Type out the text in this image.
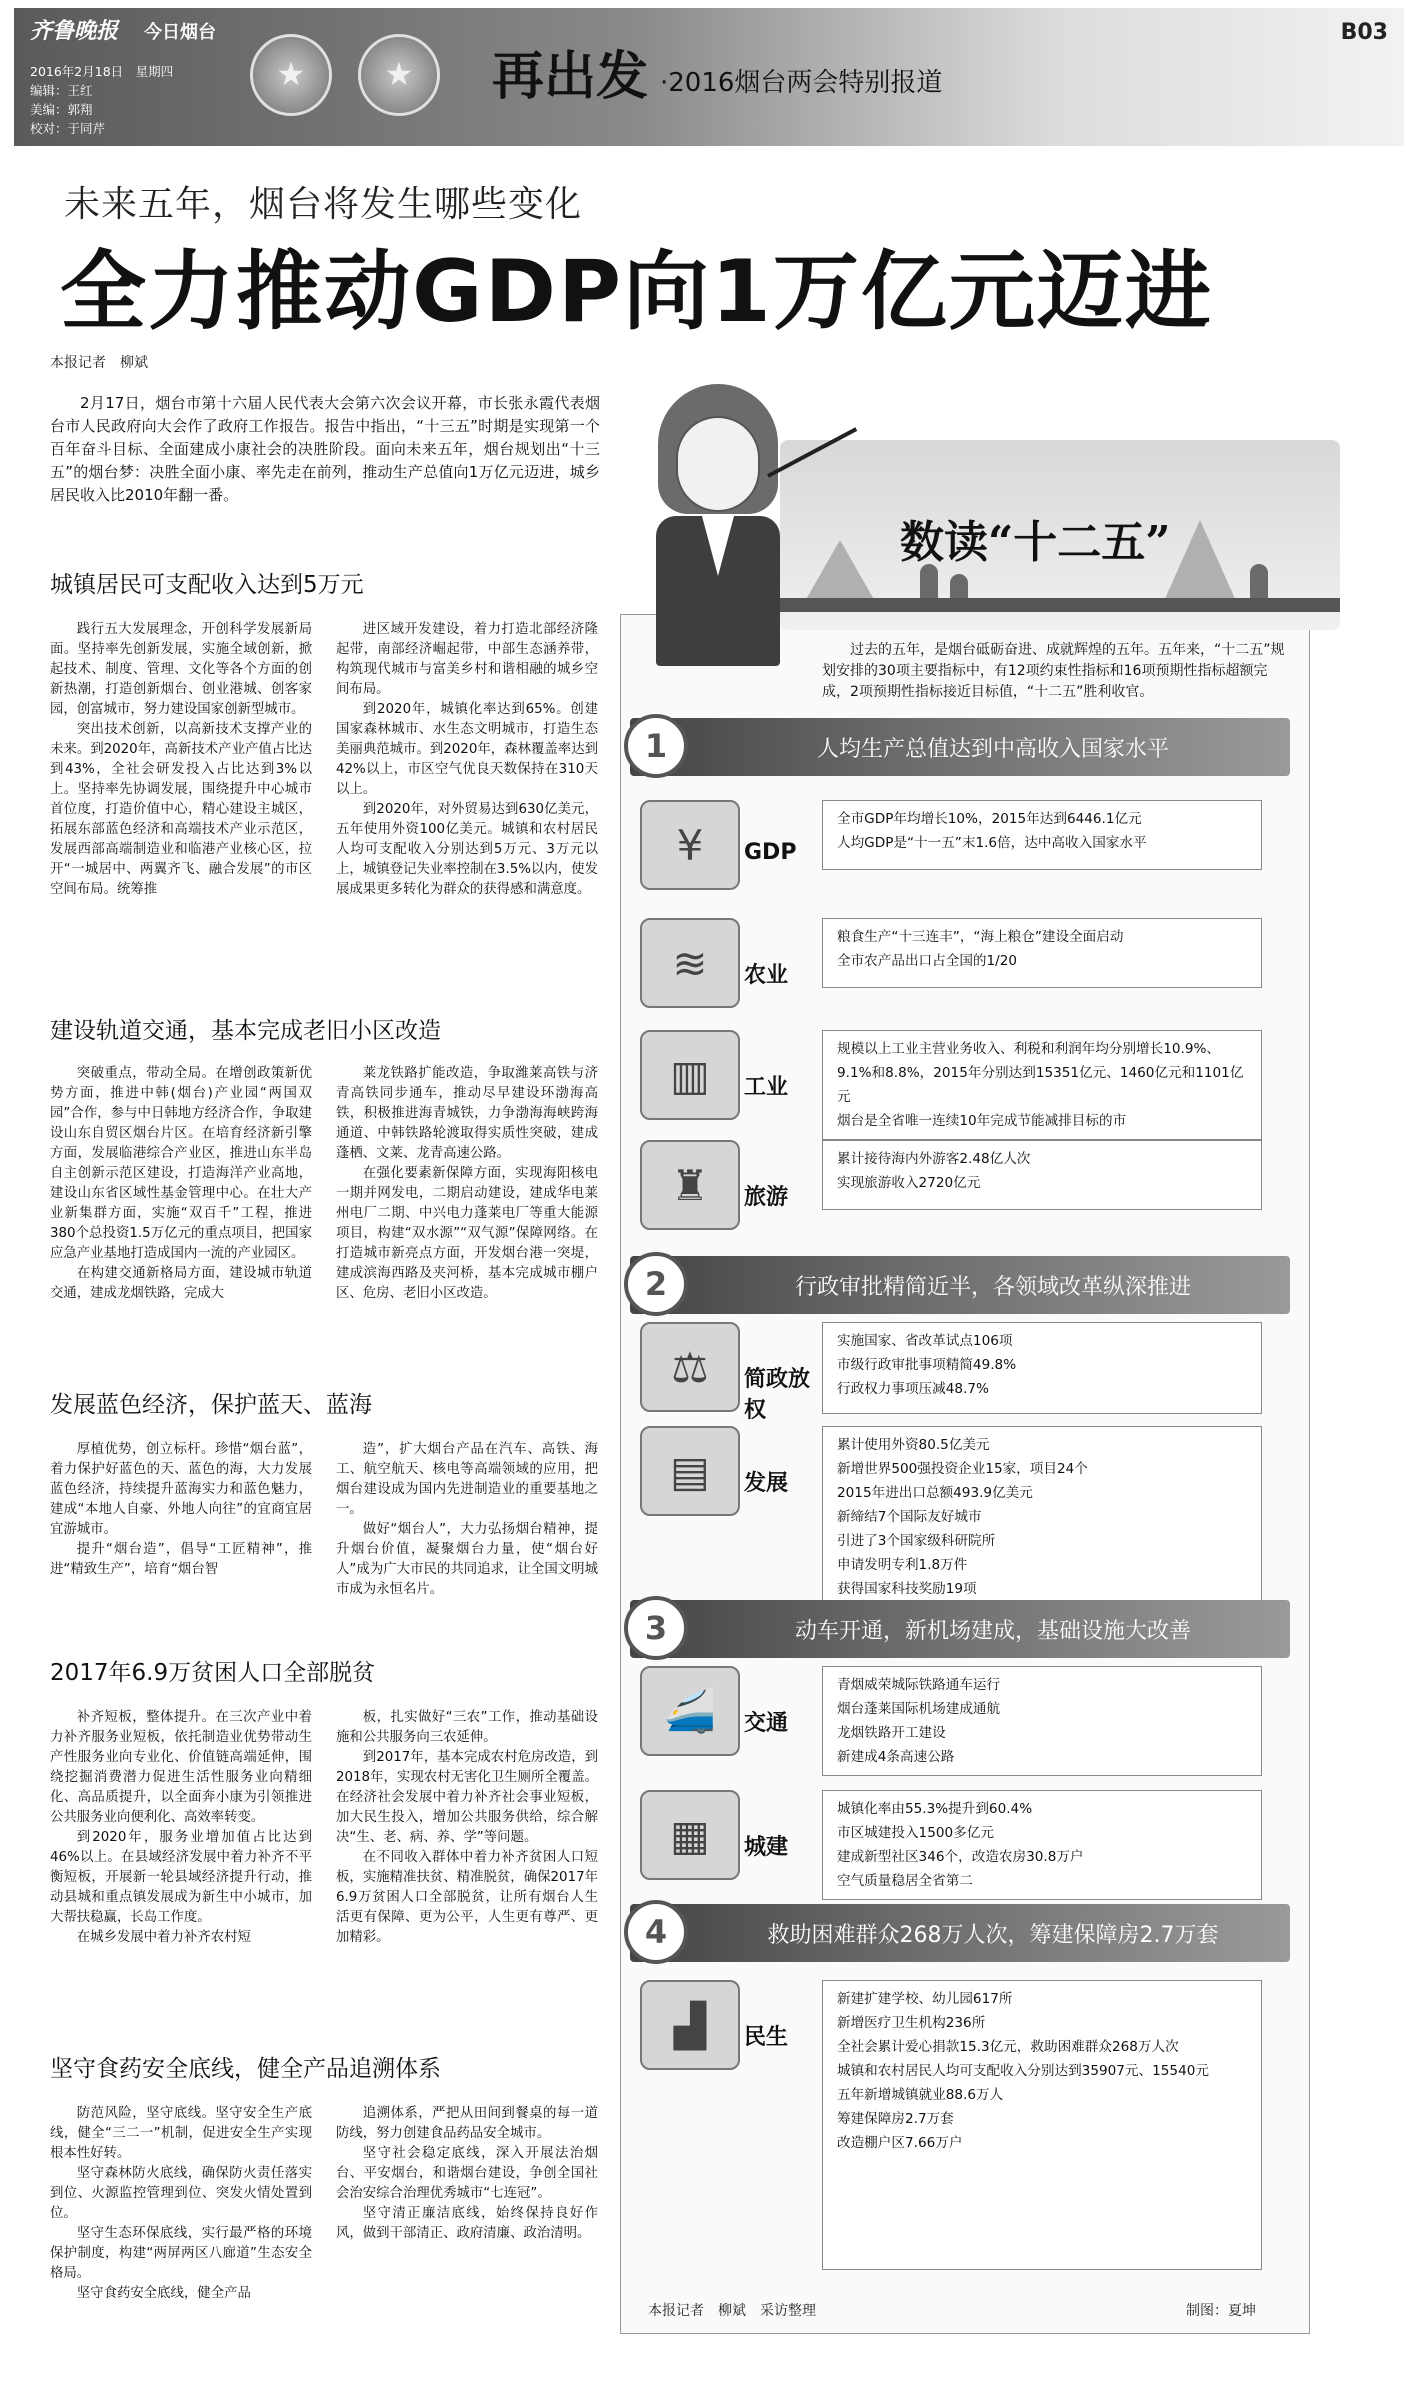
齐鲁晚报 今日烟台
2016年2月18日　星期四
编辑：王红
美编：郭翔
校对：于同芹
★
★
再出发 ·2016烟台两会特别报道
B03
未来五年，烟台将发生哪些变化
全力推动GDP向1万亿元迈进
本报记者　柳斌
2月17日，烟台市第十六届人民代表大会第六次会议开幕，市长张永霞代表烟台市人民政府向大会作了政府工作报告。报告中指出，“十三五”时期是实现第一个百年奋斗目标、全面建成小康社会的决胜阶段。面向未来五年，烟台规划出“十三五”的烟台梦：决胜全面小康、率先走在前列，推动生产总值向1万亿元迈进，城乡居民收入比2010年翻一番。
城镇居民可支配收入达到5万元

践行五大发展理念，开创科学发展新局面。坚持率先创新发展，实施全域创新，掀起技术、制度、管理、文化等各个方面的创新热潮，打造创新烟台、创业港城、创客家园，创富城市，努力建设国家创新型城市。

突出技术创新，以高新技术支撑产业的未来。到2020年，高新技术产业产值占比达到43%，全社会研发投入占比达到3%以上。坚持率先协调发展，围绕提升中心城市首位度，打造价值中心，精心建设主城区，拓展东部蓝色经济和高端技术产业示范区，发展西部高端制造业和临港产业核心区，拉开“一城居中、两翼齐飞、融合发展”的市区空间布局。统筹推

进区域开发建设，着力打造北部经济隆起带，南部经济崛起带，中部生态涵养带，构筑现代城市与富美乡村和谐相融的城乡空间布局。

到2020年，城镇化率达到65%。创建国家森林城市、水生态文明城市，打造生态美丽典范城市。到2020年，森林覆盖率达到42%以上，市区空气优良天数保持在310天以上。

到2020年，对外贸易达到630亿美元，五年使用外资100亿美元。城镇和农村居民人均可支配收入分别达到5万元、3万元以上，城镇登记失业率控制在3.5%以内，使发展成果更多转化为群众的获得感和满意度。

建设轨道交通，基本完成老旧小区改造

突破重点，带动全局。在增创政策新优势方面，推进中韩(烟台)产业园“两国双园”合作，参与中日韩地方经济合作，争取建设山东自贸区烟台片区。在培育经济新引擎方面，发展临港综合产业区，推进山东半岛自主创新示范区建设，打造海洋产业高地，建设山东省区域性基金管理中心。在壮大产业新集群方面，实施“双百千”工程，推进380个总投资1.5万亿元的重点项目，把国家应急产业基地打造成国内一流的产业园区。

在构建交通新格局方面，建设城市轨道交通，建成龙烟铁路，完成大

莱龙铁路扩能改造，争取潍莱高铁与济青高铁同步通车，推动尽早建设环渤海高铁，积极推进海青城铁，力争渤海海峡跨海通道、中韩铁路轮渡取得实质性突破，建成蓬栖、文莱、龙青高速公路。

在强化要素新保障方面，实现海阳核电一期并网发电，二期启动建设，建成华电莱州电厂二期、中兴电力蓬莱电厂等重大能源项目，构建“双水源”“双气源”保障网络。在打造城市新亮点方面，开发烟台港一突堤，建成滨海西路及夹河桥，基本完成城市棚户区、危房、老旧小区改造。

发展蓝色经济，保护蓝天、蓝海

厚植优势，创立标杆。珍惜“烟台蓝”，着力保护好蓝色的天、蓝色的海，大力发展蓝色经济，持续提升蓝海实力和蓝色魅力，建成“本地人自豪、外地人向往”的宜商宜居宜游城市。

提升“烟台造”，倡导“工匠精神”，推进“精致生产”，培育“烟台智

造”，扩大烟台产品在汽车、高铁、海工、航空航天、核电等高端领域的应用，把烟台建设成为国内先进制造业的重要基地之一。

做好“烟台人”，大力弘扬烟台精神，提升烟台价值，凝聚烟台力量，使“烟台好人”成为广大市民的共同追求，让全国文明城市成为永恒名片。

2017年6.9万贫困人口全部脱贫

补齐短板，整体提升。在三次产业中着力补齐服务业短板，依托制造业优势带动生产性服务业向专业化、价值链高端延伸，围绕挖掘消费潜力促进生活性服务业向精细化、高品质提升，以全面奔小康为引领推进公共服务业向便利化、高效率转变。

到2020年，服务业增加值占比达到46%以上。在县域经济发展中着力补齐不平衡短板，开展新一轮县域经济提升行动，推动县城和重点镇发展成为新生中小城市，加大帮扶稳赢，长岛工作度。

在城乡发展中着力补齐农村短

板，扎实做好“三农”工作，推动基础设施和公共服务向三农延伸。

到2017年，基本完成农村危房改造，到2018年，实现农村无害化卫生厕所全覆盖。在经济社会发展中着力补齐社会事业短板，加大民生投入，增加公共服务供给，综合解决“生、老、病、养、学”等问题。

在不同收入群体中着力补齐贫困人口短板，实施精准扶贫、精准脱贫，确保2017年6.9万贫困人口全部脱贫，让所有烟台人生活更有保障、更为公平，人生更有尊严、更加精彩。

坚守食药安全底线，健全产品追溯体系

防范风险，坚守底线。坚守安全生产底线，健全“三二一”机制，促进安全生产实现根本性好转。

坚守森林防火底线，确保防火责任落实到位、火源监控管理到位、突发火情处置到位。

坚守生态环保底线，实行最严格的环境保护制度，构建“两屏两区八廊道”生态安全格局。

坚守食药安全底线，健全产品

追溯体系，严把从田间到餐桌的每一道防线，努力创建食品药品安全城市。

坚守社会稳定底线，深入开展法治烟台、平安烟台，和谐烟台建设，争创全国社会治安综合治理优秀城市“七连冠”。

坚守清正廉洁底线，始终保持良好作风，做到干部清正、政府清廉、政治清明。

数读“十二五”
过去的五年，是烟台砥砺奋进、成就辉煌的五年。五年来，“十二五”规划安排的30项主要指标中，有12项约束性指标和16项预期性指标超额完成，2项预期性指标接近目标值，“十二五”胜利收官。
1	人均生产总值达到中高收入国家水平
¥	GDP
全市GDP年均增长10%，2015年达到6446.1亿元
人均GDP是“十一五”末1.6倍，达中高收入国家水平
≋	农业
粮食生产“十三连丰”，“海上粮仓”建设全面启动
全市农产品出口占全国的1/20
▥	工业
规模以上工业主营业务收入、利税和利润年均分别增长10.9%、9.1%和8.8%，2015年分别达到15351亿元、1460亿元和1101亿元
烟台是全省唯一连续10年完成节能减排目标的市
♜	旅游
累计接待海内外游客2.48亿人次
实现旅游收入2720亿元
2	行政审批精简近半，各领域改革纵深推进
⚖	简政放权
实施国家、省改革试点106项
市级行政审批事项精简49.8%
行政权力事项压减48.7%
▤	发展
累计使用外资80.5亿美元
新增世界500强投资企业15家，项目24个
2015年进出口总额493.9亿美元
新缔结7个国际友好城市
引进了3个国家级科研院所
申请发明专利1.8万件
获得国家科技奖励19项
3	动车开通，新机场建成，基础设施大改善
🚄	交通
青烟威荣城际铁路通车运行
烟台蓬莱国际机场建成通航
龙烟铁路开工建设
新建成4条高速公路
▦	城建
城镇化率由55.3%提升到60.4%
市区城建投入1500多亿元
建成新型社区346个，改造农房30.8万户
空气质量稳居全省第二
4	救助困难群众268万人次，筹建保障房2.7万套
▟	民生
新建扩建学校、幼儿园617所
新增医疗卫生机构236所
全社会累计爱心捐款15.3亿元，救助困难群众268万人次
城镇和农村居民人均可支配收入分别达到35907元、15540元
五年新增城镇就业88.6万人
筹建保障房2.7万套
改造棚户区7.66万户
本报记者　柳斌　采访整理	制图：夏坤
